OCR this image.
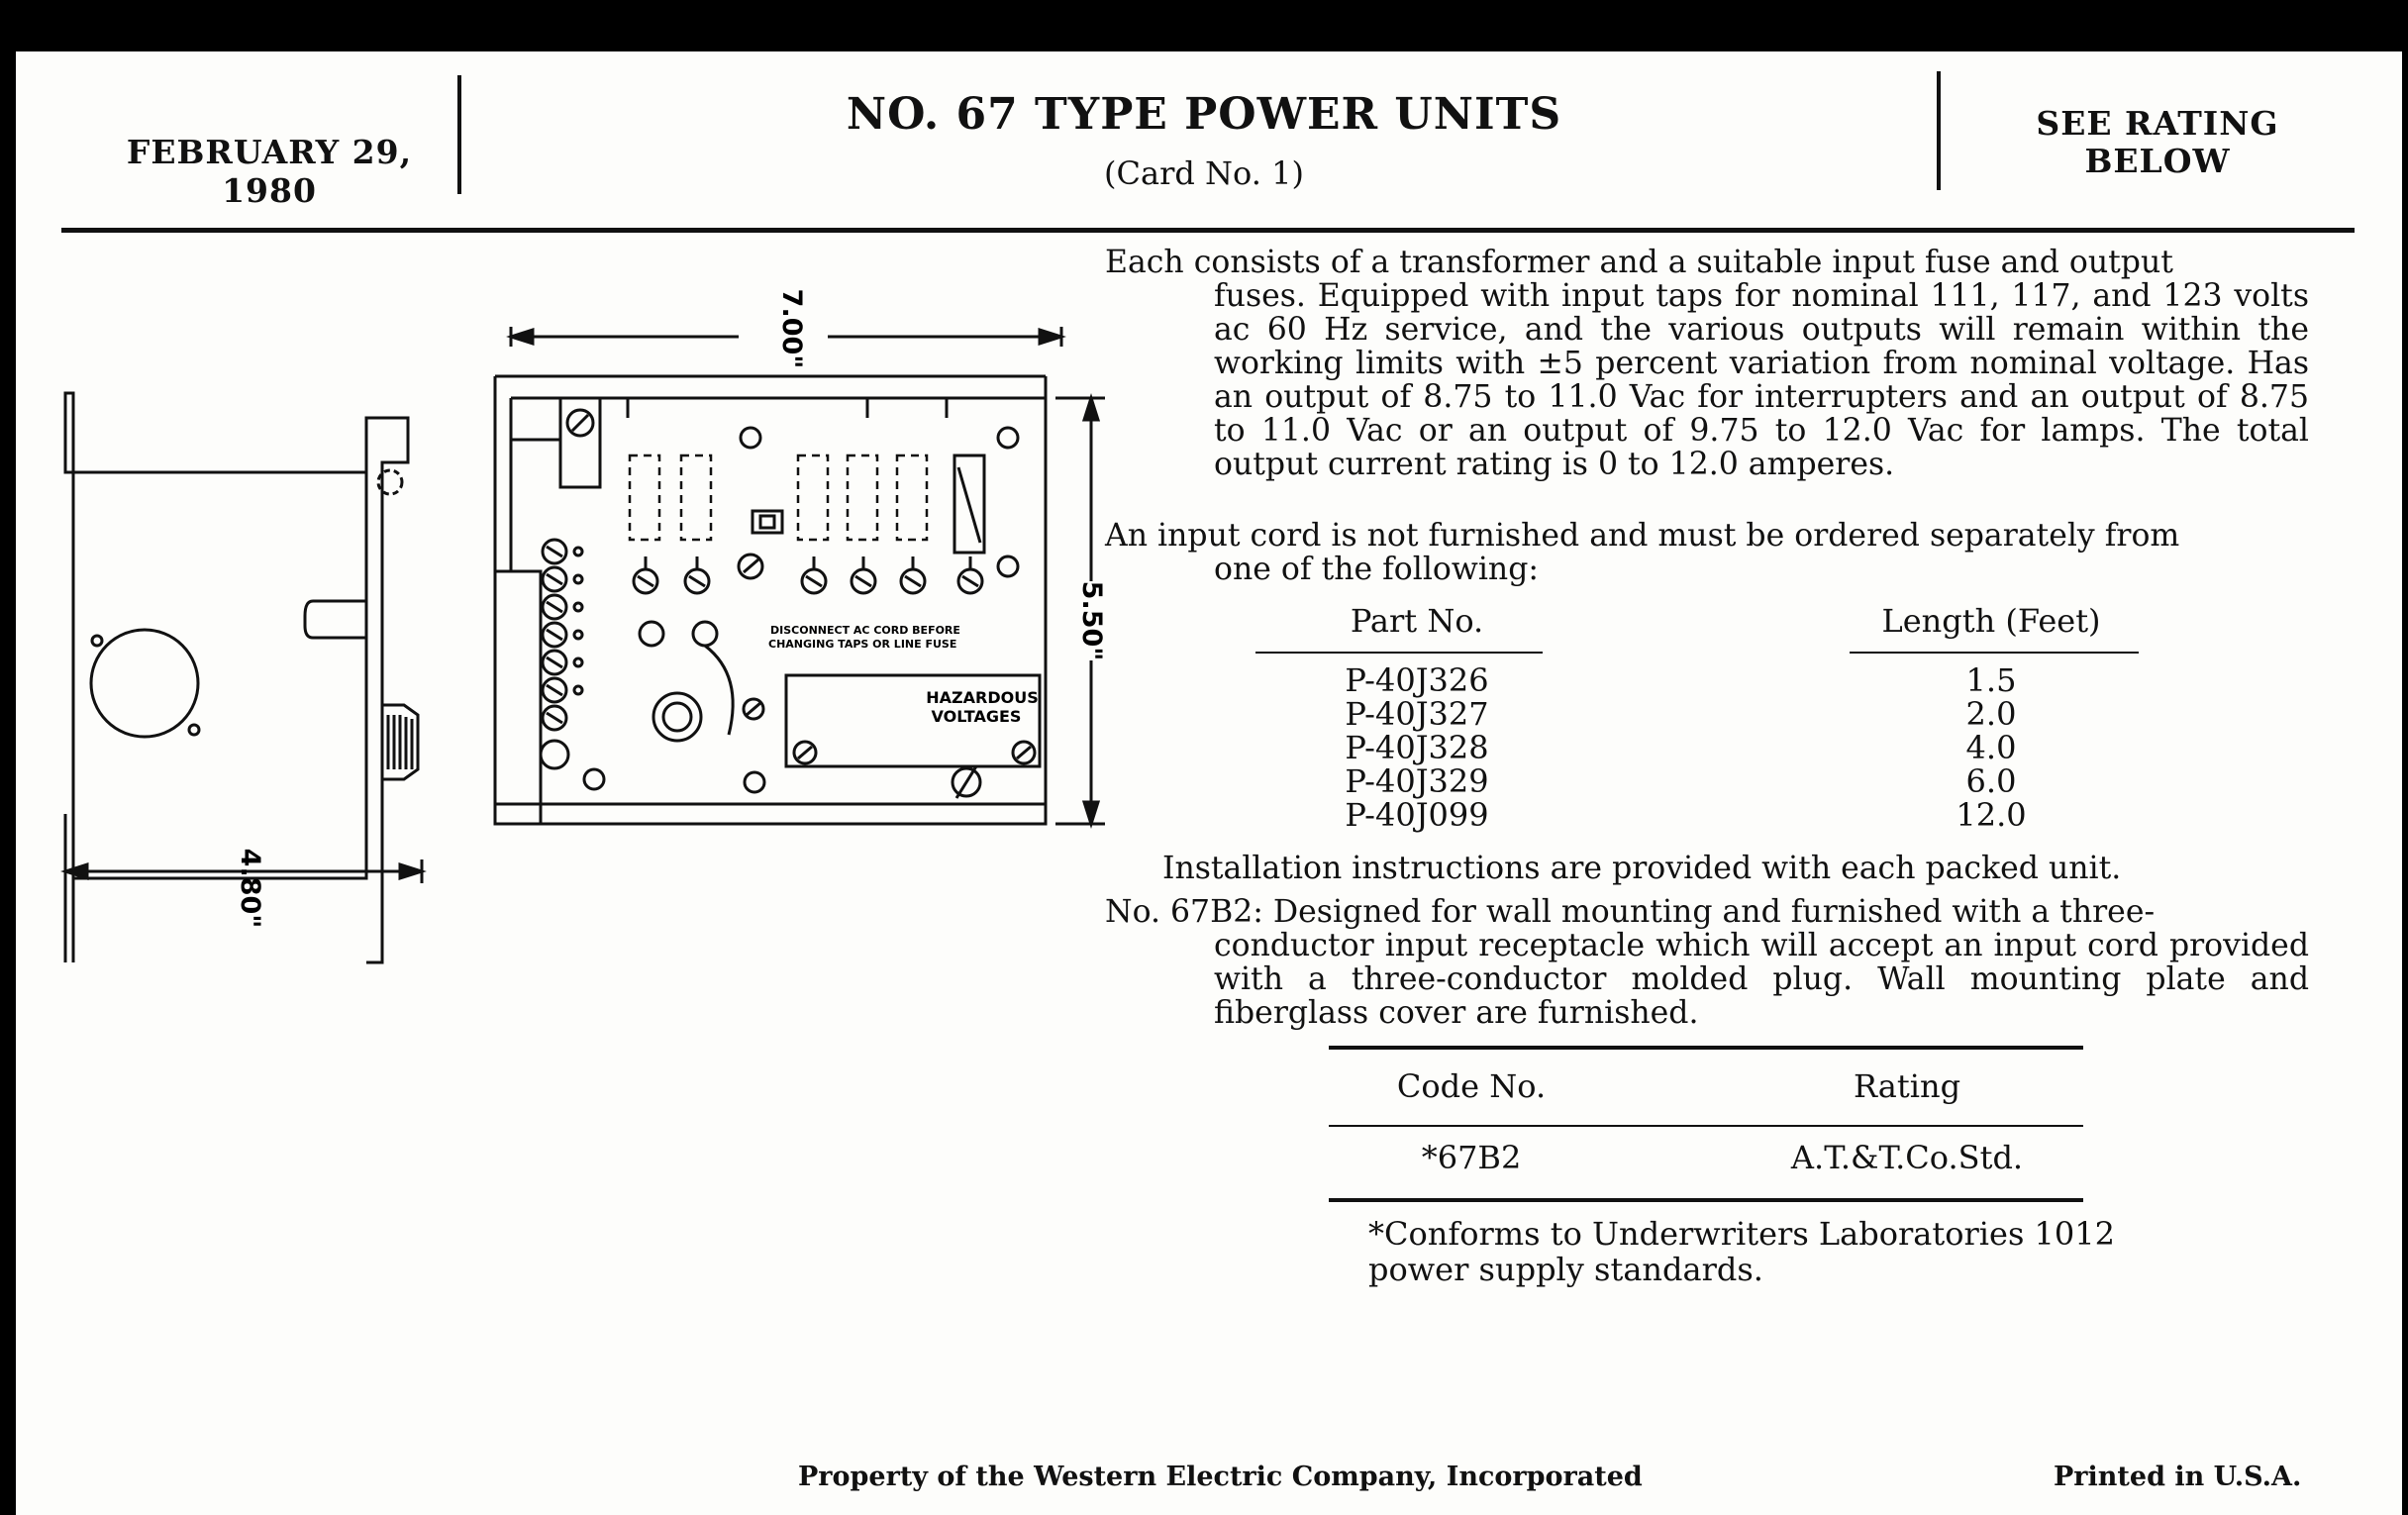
FEBRUARY 29, 1980
NO. 67 TYPE POWER UNITS
(Card No. 1)
SEE RATING
BELOW
4.80"
7.00"
5.50"
DISCONNECT AC CORD BEFORE
CHANGING TAPS OR LINE FUSE
HAZARDOUS
VOLTAGES
Each consists of a transformer and a suitable input fuse and output
fuses. Equipped with input taps for nominal 111, 117, and 123 volts ac 60 Hz service, and the various outputs will remain within the working limits with ±5 percent variation from nominal voltage. Has an output of 8.75 to 11.0 Vac for interrupters and an output of 8.75 to 11.0 Vac or an output of 9.75 to 12.0 Vac for lamps. The total output current rating is 0 to 12.0 amperes.
An input cord is not furnished and must be ordered separately from
one of the following:
Part No.	Length (Feet)
P-40J326	1.5
P-40J327	2.0
P-40J328	4.0
P-40J329	6.0
P-40J099	12.0
Installation instructions are provided with each packed unit.
No. 67B2: Designed for wall mounting and furnished with a three-
conductor input receptacle which will accept an input cord provided with a three-conductor molded plug. Wall mounting plate and fiberglass cover are furnished.
Code No.	Rating
*67B2	A.T.&T.Co.Std.
*Conforms to Underwriters Laboratories 1012 power supply standards.
Property of the Western Electric Company, Incorporated	Printed in U.S.A.
